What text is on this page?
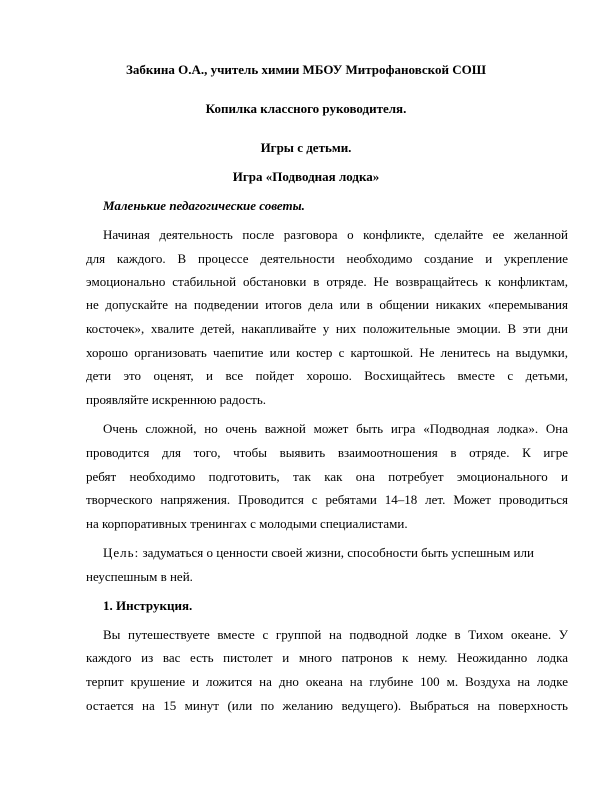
Забкина О.А., учитель химии МБОУ Митрофановской СОШ
Копилка классного руководителя.
Игры с детьми.
Игра «Подводная лодка»
Маленькие педагогические советы.
Начиная деятельность после разговора о конфликте, сделайте ее желанной
для каждого. В процессе деятельности необходимо создание и укрепление
эмоционально стабильной обстановки в отряде. Не возвращайтесь к конфликтам,
не допускайте на подведении итогов дела или в общении никаких «перемывания
косточек», хвалите детей, накапливайте у них положительные эмоции. В эти дни
хорошо организовать чаепитие или костер с картошкой. Не ленитесь на выдумки,
дети это оценят, и все пойдет хорошо. Восхищайтесь вместе с детьми,
проявляйте искреннюю радость.
Очень сложной, но очень важной может быть игра «Подводная лодка». Она
проводится для того, чтобы выявить взаимоотношения в отряде. К игре
ребят необходимо подготовить, так как она потребует эмоционального и
творческого напряжения. Проводится с ребятами 14–18 лет. Может проводиться
на корпоративных тренингах с молодыми специалистами.
Цель: задуматься о ценности своей жизни, способности быть успешным или
неуспешным в ней.
1. Инструкция.
Вы путешествуете вместе с группой на подводной лодке в Тихом океане. У
каждого из вас есть пистолет и много патронов к нему. Неожиданно лодка
терпит крушение и ложится на дно океана на глубине 100 м. Воздуха на лодке
остается на 15 минут (или по желанию ведущего). Выбраться на поверхность
